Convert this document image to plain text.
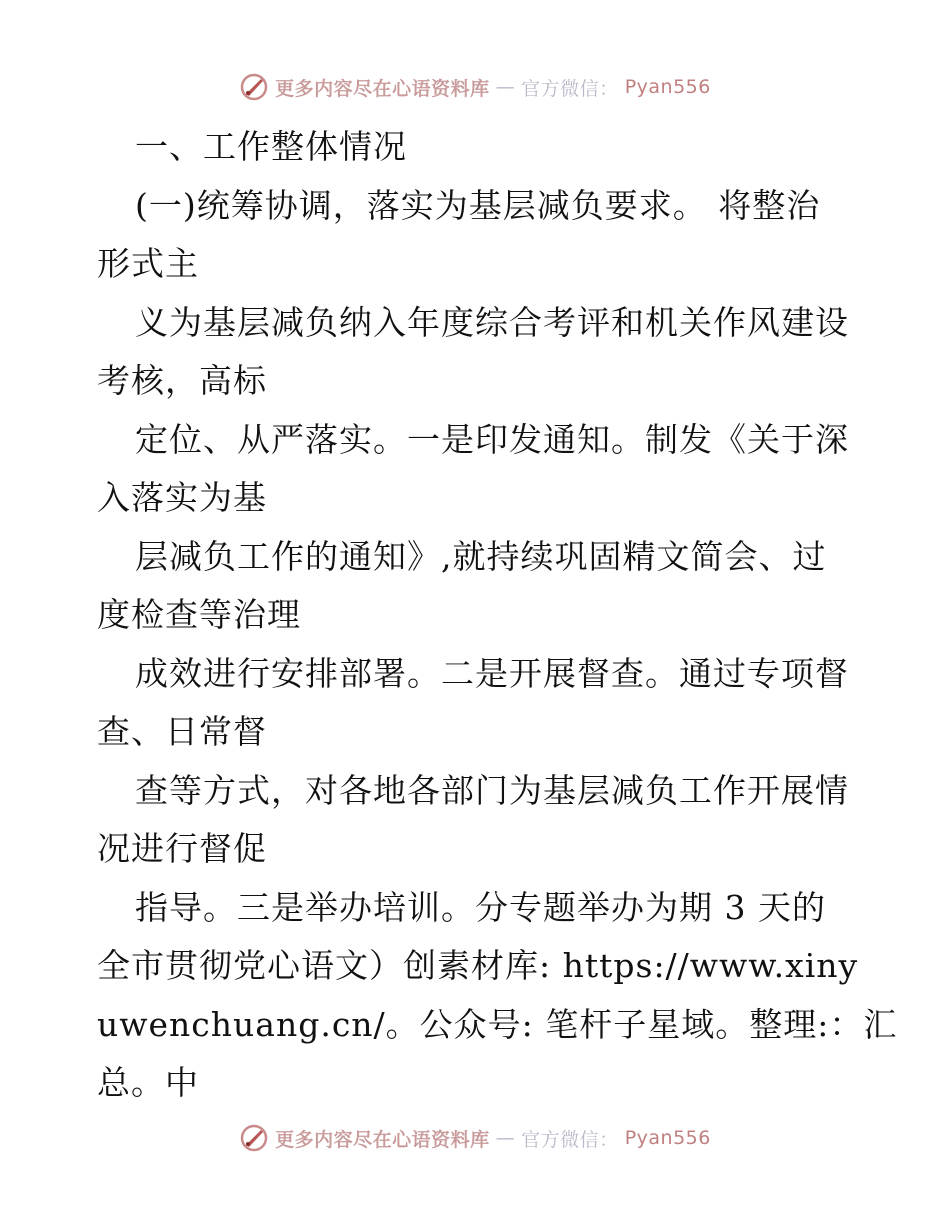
更多内容尽在心语资料库 — 官方微信： Pyan556
一、工作整体情况
(一)统筹协调，落实为基层减负要求。 将整治
形式主
义为基层减负纳入年度综合考评和机关作风建设
考核，高标
定位、从严落实。一是印发通知。制发《关于深
入落实为基
层减负工作的通知》,就持续巩固精文简会、过
度检查等治理
成效进行安排部署。二是开展督查。通过专项督
查、日常督
查等方式，对各地各部门为基层减负工作开展情
况进行督促
指导。三是举办培训。分专题举办为期 3 天的
全市贯彻党心语文）创素材库: https://www.xiny
uwenchuang.cn/。公众号: 笔杆子星域。整理:：汇
总。中
更多内容尽在心语资料库 — 官方微信： Pyan556
